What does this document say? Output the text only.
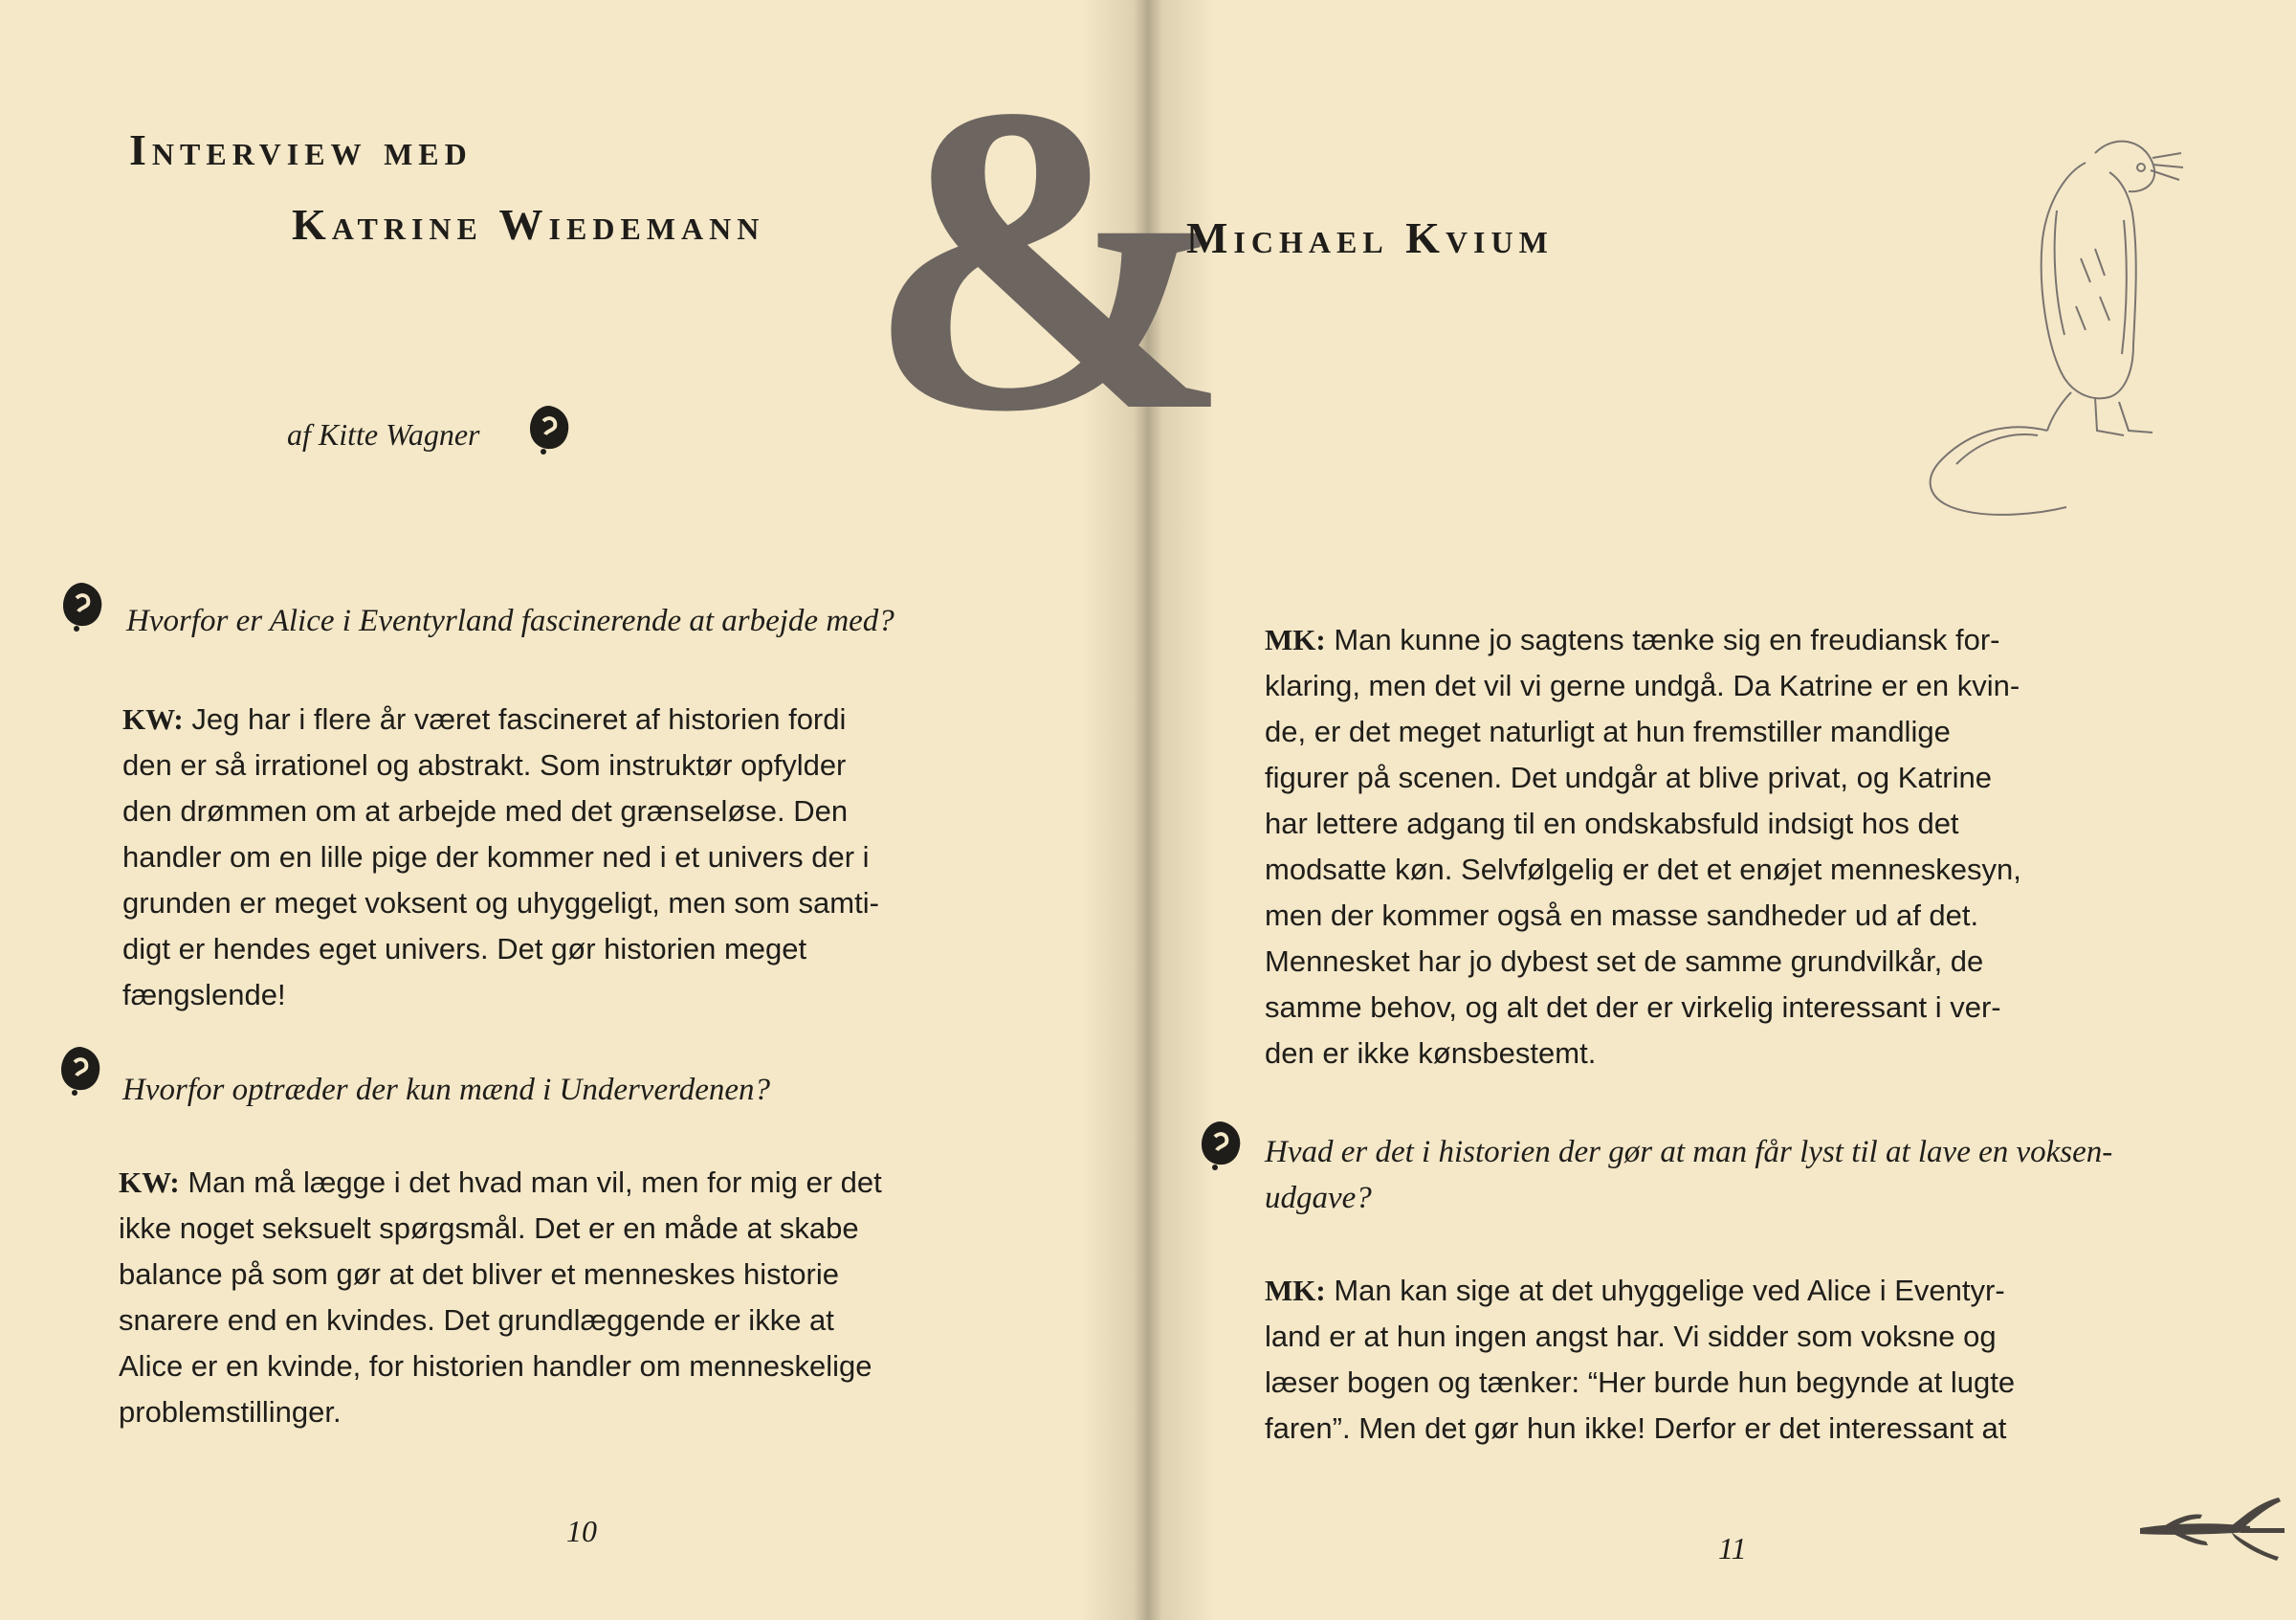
Interview med
Katrine Wiedemann
af Kitte Wagner
Hvorfor er Alice i Eventyrland fascinerende at arbejde med?
KW: Jeg har i flere år været fascineret af historien fordi
den er så irrationel og abstrakt. Som instruktør opfylder
den drømmen om at arbejde med det grænseløse. Den
handler om en lille pige der kommer ned i et univers der i
grunden er meget voksent og uhyggeligt, men som samti-
digt er hendes eget univers. Det gør historien meget
fængslende!
Hvorfor optræder der kun mænd i Underverdenen?
KW: Man må lægge i det hvad man vil, men for mig er det
ikke noget seksuelt spørgsmål. Det er en måde at skabe
balance på som gør at det bliver et menneskes historie
snarere end en kvindes. Det grundlæggende er ikke at
Alice er en kvinde, for historien handler om menneskelige
problemstillinger.
10
&
Michael Kvium
MK: Man kunne jo sagtens tænke sig en freudiansk for-
klaring, men det vil vi gerne undgå. Da Katrine er en kvin-
de, er det meget naturligt at hun fremstiller mandlige
figurer på scenen. Det undgår at blive privat, og Katrine
har lettere adgang til en ondskabsfuld indsigt hos det
modsatte køn. Selvfølgelig er det et enøjet menneskesyn,
men der kommer også en masse sandheder ud af det.
Mennesket har jo dybest set de samme grundvilkår, de
samme behov, og alt det der er virkelig interessant i ver-
den er ikke kønsbestemt.
Hvad er det i historien der gør at man får lyst til at lave en voksen-
udgave?
MK: Man kan sige at det uhyggelige ved Alice i Eventyr-
land er at hun ingen angst har. Vi sidder som voksne og
læser bogen og tænker: “Her burde hun begynde at lugte
faren”. Men det gør hun ikke! Derfor er det interessant at
11
